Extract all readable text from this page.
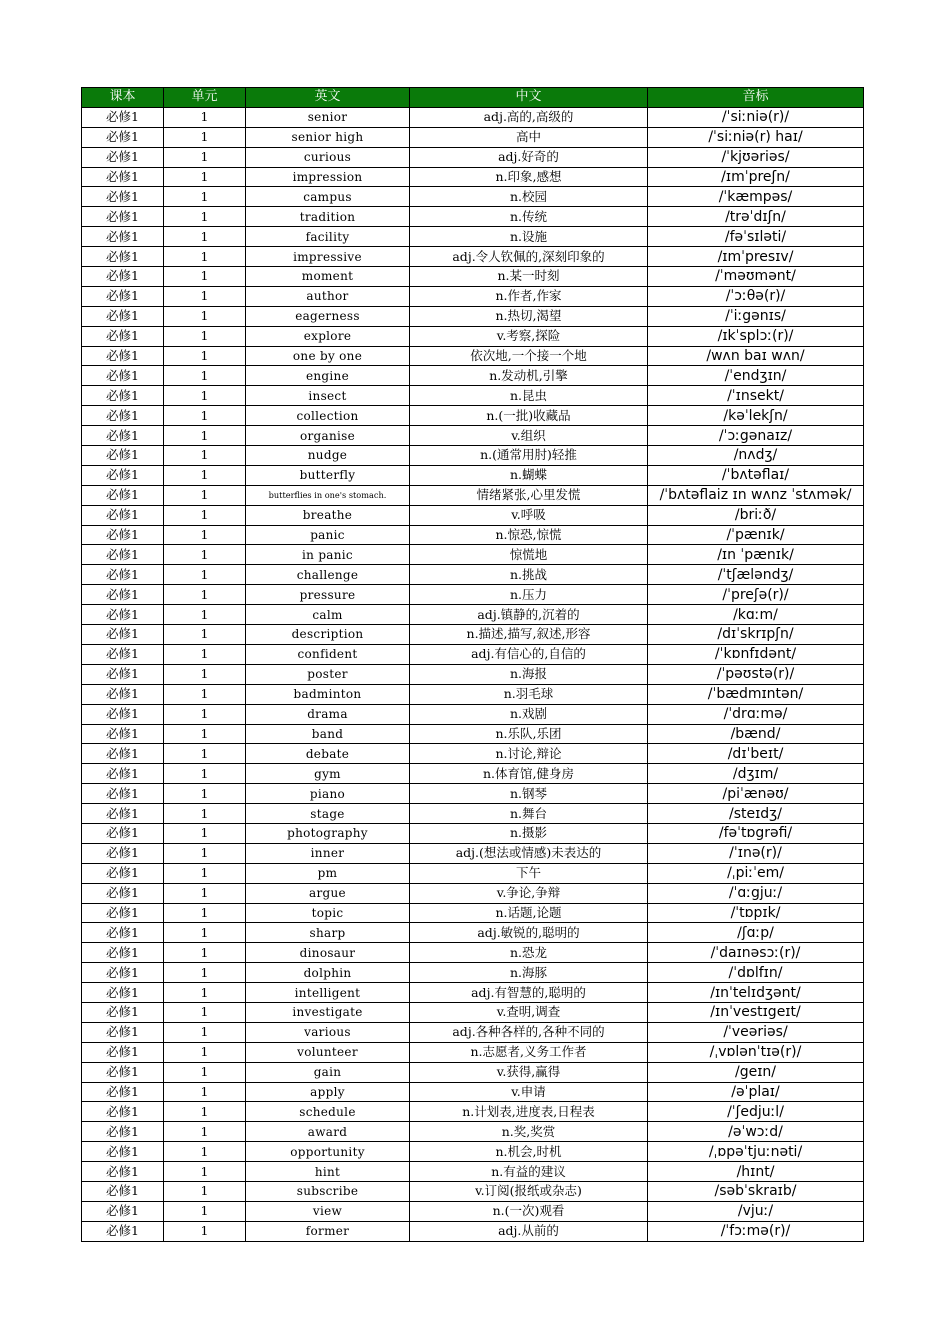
课本	单元	英文	中文	音标
必修1	1	senior	adj.高的,高级的	/ˈsiːniə(r)/
必修1	1	senior high	高中	/ˈsiːniə(r) haɪ/
必修1	1	curious	adj.好奇的	/ˈkjʊəriəs/
必修1	1	impression	n.印象,感想	/ɪmˈpreʃn/
必修1	1	campus	n.校园	/ˈkæmpəs/
必修1	1	tradition	n.传统	/trəˈdɪʃn/
必修1	1	facility	n.设施	/fəˈsɪləti/
必修1	1	impressive	adj.令人钦佩的,深刻印象的	/ɪmˈpresɪv/
必修1	1	moment	n.某一时刻	/ˈməʊmənt/
必修1	1	author	n.作者,作家	/ˈɔːθə(r)/
必修1	1	eagerness	n.热切,渴望	/ˈiːgənɪs/
必修1	1	explore	v.考察,探险	/ɪkˈsplɔː(r)/
必修1	1	one by one	依次地,一个接一个地	/wʌn baɪ wʌn/
必修1	1	engine	n.发动机,引擎	/ˈendʒɪn/
必修1	1	insect	n.昆虫	/ˈɪnsekt/
必修1	1	collection	n.(一批)收藏品	/kəˈlekʃn/
必修1	1	organise	v.组织	/ˈɔːgənaɪz/
必修1	1	nudge	n.(通常用肘)轻推	/nʌdʒ/
必修1	1	butterfly	n.蝴蝶	/ˈbʌtəflaɪ/
必修1	1	butterflies in one's stomach.	情绪紧张,心里发慌	/ˈbʌtəflaiz ɪn wʌnz ˈstʌmək/
必修1	1	breathe	v.呼吸	/briːð/
必修1	1	panic	n.惊恐,惊慌	/ˈpænɪk/
必修1	1	in panic	惊慌地	/ɪn ˈpænɪk/
必修1	1	challenge	n.挑战	/ˈtʃæləndʒ/
必修1	1	pressure	n.压力	/ˈpreʃə(r)/
必修1	1	calm	adj.镇静的,沉着的	/kɑːm/
必修1	1	description	n.描述,描写,叙述,形容	/dɪˈskrɪpʃn/
必修1	1	confident	adj.有信心的,自信的	/ˈkɒnfɪdənt/
必修1	1	poster	n.海报	/ˈpəʊstə(r)/
必修1	1	badminton	n.羽毛球	/ˈbædmɪntən/
必修1	1	drama	n.戏剧	/ˈdrɑːmə/
必修1	1	band	n.乐队,乐团	/bænd/
必修1	1	debate	n.讨论,辩论	/dɪˈbeɪt/
必修1	1	gym	n.体育馆,健身房	/dʒɪm/
必修1	1	piano	n.钢琴	/piˈænəʊ/
必修1	1	stage	n.舞台	/steɪdʒ/
必修1	1	photography	n.摄影	/fəˈtɒgrəfi/
必修1	1	inner	adj.(想法或情感)未表达的	/ˈɪnə(r)/
必修1	1	pm	下午	/ˌpiːˈem/
必修1	1	argue	v.争论,争辩	/ˈɑːgjuː/
必修1	1	topic	n.话题,论题	/ˈtɒpɪk/
必修1	1	sharp	adj.敏锐的,聪明的	/ʃɑːp/
必修1	1	dinosaur	n.恐龙	/ˈdaɪnəsɔː(r)/
必修1	1	dolphin	n.海豚	/ˈdɒlfɪn/
必修1	1	intelligent	adj.有智慧的,聪明的	/ɪnˈtelɪdʒənt/
必修1	1	investigate	v.查明,调查	/ɪnˈvestɪgeɪt/
必修1	1	various	adj.各种各样的,各种不同的	/ˈveəriəs/
必修1	1	volunteer	n.志愿者,义务工作者	/ˌvɒlənˈtɪə(r)/
必修1	1	gain	v.获得,赢得	/geɪn/
必修1	1	apply	v.申请	/əˈplaɪ/
必修1	1	schedule	n.计划表,进度表,日程表	/ˈʃedjuːl/
必修1	1	award	n.奖,奖赏	/əˈwɔːd/
必修1	1	opportunity	n.机会,时机	/ˌɒpəˈtjuːnəti/
必修1	1	hint	n.有益的建议	/hɪnt/
必修1	1	subscribe	v.订阅(报纸或杂志)	/səbˈskraɪb/
必修1	1	view	n.(一次)观看	/vjuː/
必修1	1	former	adj.从前的	/ˈfɔːmə(r)/
